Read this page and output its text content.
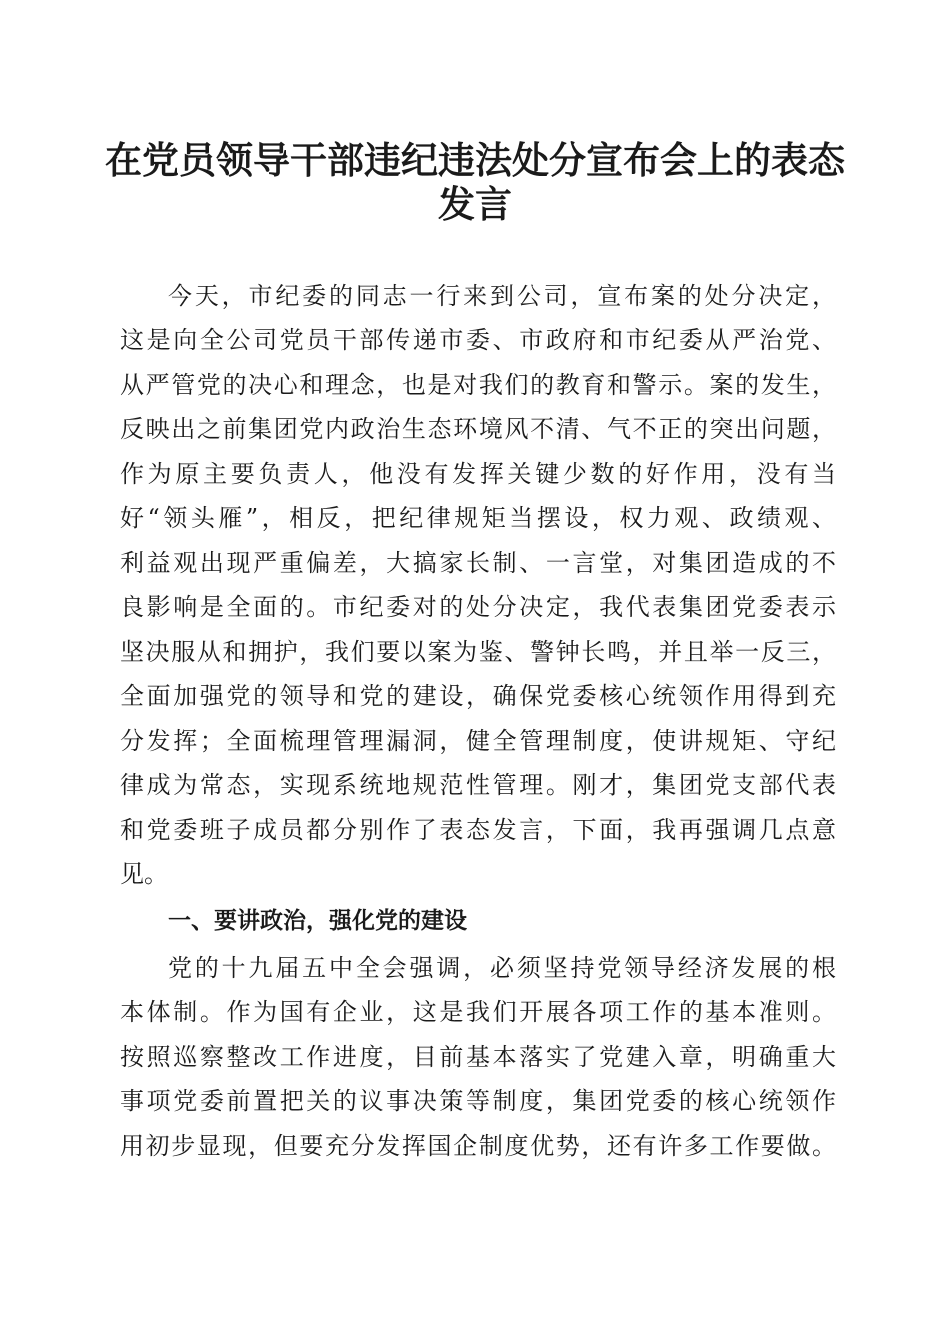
在党员领导干部违纪违法处分宣布会上的表态
发言
今天，市纪委的同志一行来到公司，宣布案的处分决定，
这是向全公司党员干部传递市委、市政府和市纪委从严治党、
从严管党的决心和理念，也是对我们的教育和警示。案的发生，
反映出之前集团党内政治生态环境风不清、气不正的突出问题，
作为原主要负责人，他没有发挥关键少数的好作用，没有当
好“领头雁”，相反，把纪律规矩当摆设，权力观、政绩观、
利益观出现严重偏差，大搞家长制、一言堂，对集团造成的不
良影响是全面的。市纪委对的处分决定，我代表集团党委表示
坚决服从和拥护，我们要以案为鉴、警钟长鸣，并且举一反三，
全面加强党的领导和党的建设，确保党委核心统领作用得到充
分发挥；全面梳理管理漏洞，健全管理制度，使讲规矩、守纪
律成为常态，实现系统地规范性管理。刚才，集团党支部代表
和党委班子成员都分别作了表态发言，下面，我再强调几点意
见。
一、要讲政治，强化党的建设
党的十九届五中全会强调，必须坚持党领导经济发展的根
本体制。作为国有企业，这是我们开展各项工作的基本准则。
按照巡察整改工作进度，目前基本落实了党建入章，明确重大
事项党委前置把关的议事决策等制度，集团党委的核心统领作
用初步显现，但要充分发挥国企制度优势，还有许多工作要做。
